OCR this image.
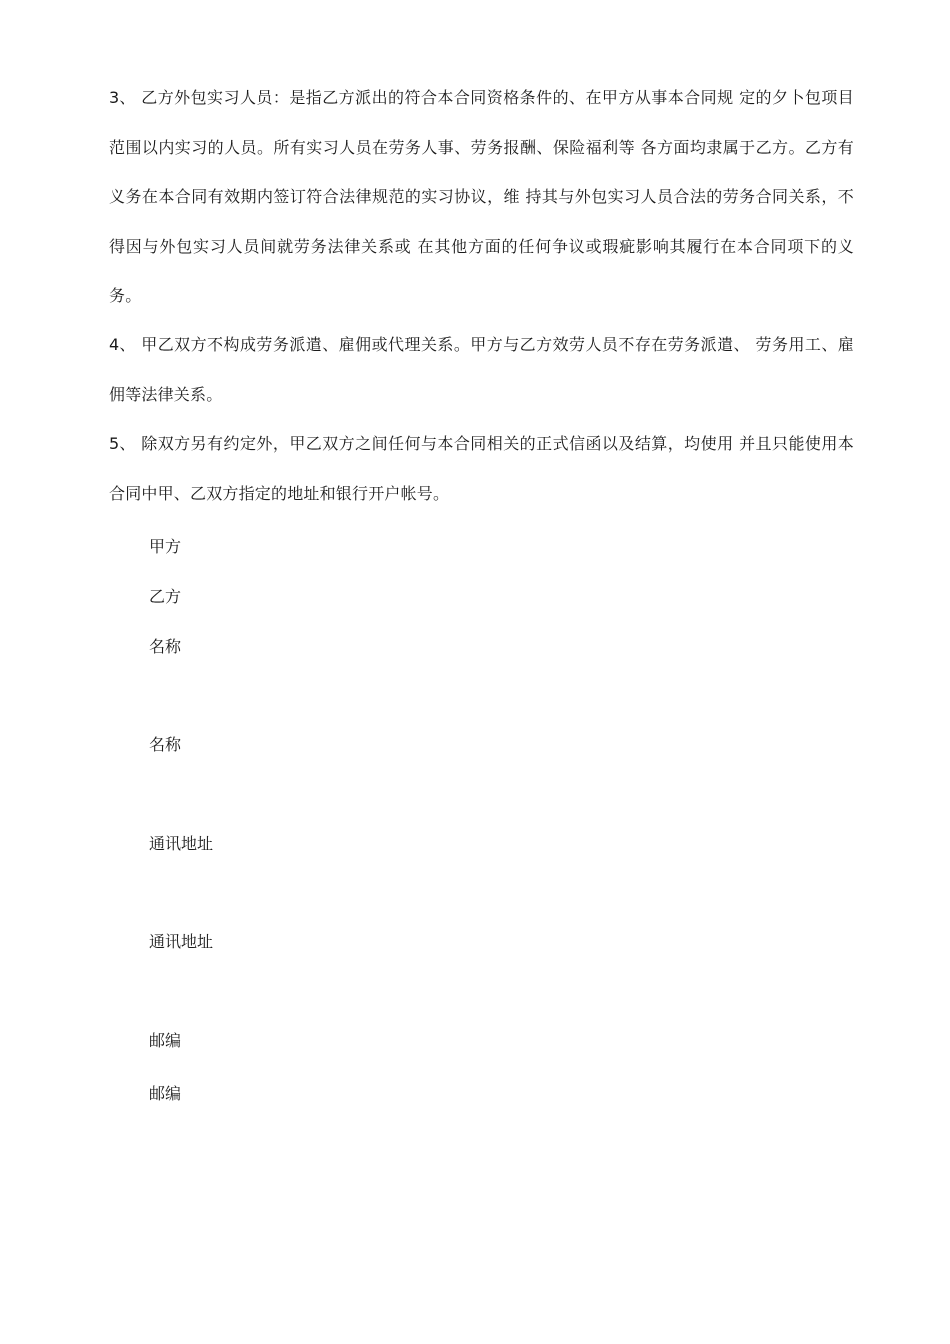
3、 乙方外包实习人员：是指乙方派出的符合本合同资格条件的、在甲方从事本合同规 定的夕卜包项目范围以内实习的人员。所有实习人员在劳务人事、劳务报酬、保险福利等 各方面均隶属于乙方。乙方有义务在本合同有效期内签订符合法律规范的实习协议，维 持其与外包实习人员合法的劳务合同关系，不得因与外包实习人员间就劳务法律关系或 在其他方面的任何争议或瑕疵影响其履行在本合同项下的义务。
4、 甲乙双方不构成劳务派遣、雇佣或代理关系。甲方与乙方效劳人员不存在劳务派遣、 劳务用工、雇佣等法律关系。
5、 除双方另有约定外，甲乙双方之间任何与本合同相关的正式信函以及结算，均使用 并且只能使用本合同中甲、乙双方指定的地址和银行开户帐号。
甲方
乙方
名称
名称
通讯地址
通讯地址
邮编
邮编
